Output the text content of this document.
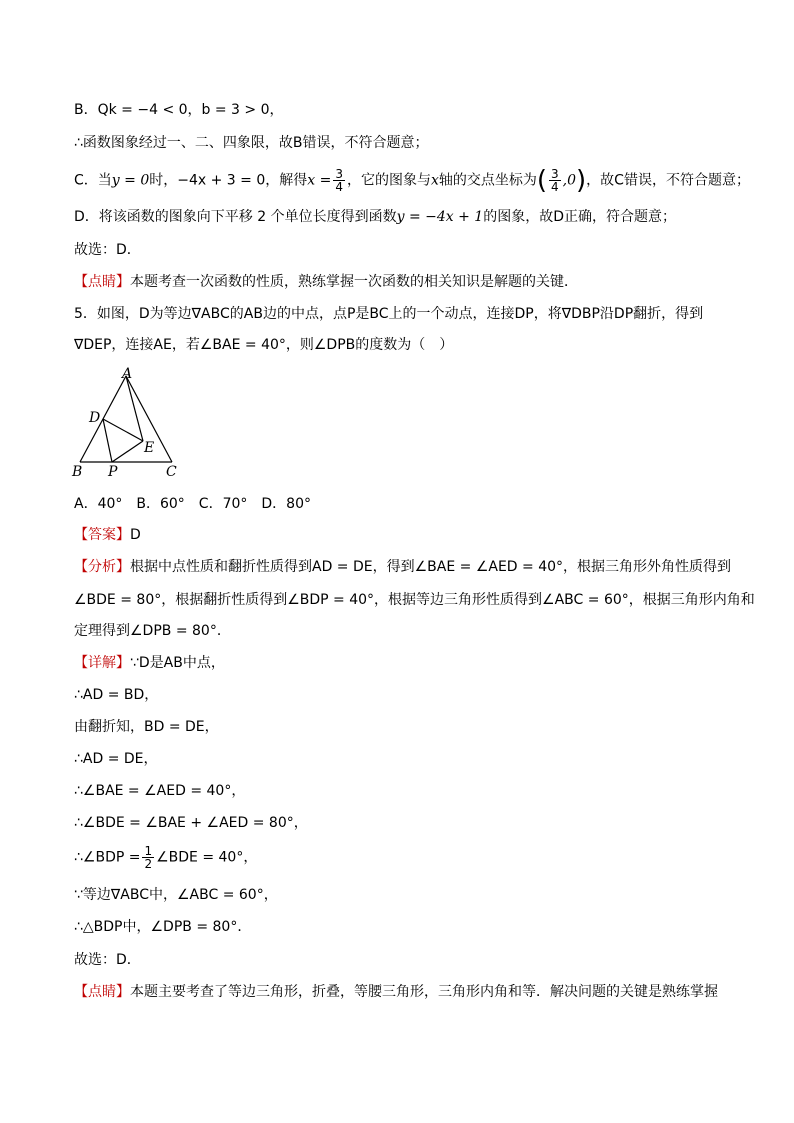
B．Qk = −4 < 0，b = 3 > 0，
∴函数图象经过一、二、四象限，故B错误，不符合题意；
C．当y = 0时，−4x + 3 = 0，解得$x = \frac{3}{4}$ ，它的图象与x轴的交点坐标为( $\frac{3}{4} ,0$)，故C错误，不符合题意；
D．将该函数的图象向下平移 2 个单位长度得到函数y = −4x + 1的图象，故D正确，符合题意；
故选：D．
【点睛】本题考查一次函数的性质，熟练掌握一次函数的相关知识是解题的关键．
5．如图，D为等边∇ABC的AB边的中点，点P是BC上的一个动点，连接DP，将∇DBP沿DP翻折，得到
∇DEP，连接AE，若∠BAE = 40°，则∠DPB的度数为（　）
A
B	C
D
E
P
A．40°　B．60°　C．70°　D．80°
【答案】D
【分析】根据中点性质和翻折性质得到AD = DE，得到∠BAE = ∠AED = 40°，根据三角形外角性质得到
∠BDE = 80°，根据翻折性质得到∠BDP = 40°，根据等边三角形性质得到∠ABC = 60°，根据三角形内角和
定理得到∠DPB = 80°．
【详解】∵D是AB中点，
∴AD = BD，
由翻折知，BD = DE，
∴AD = DE，
∴∠BAE = ∠AED = 40°，
∴∠BDE = ∠BAE + ∠AED = 80°，
∴∠BDP = $\frac{1}{2}$ ∠BDE = 40°，
∵等边∇ABC中，∠ABC = 60°，
∴△BDP中，∠DPB = 80°．
故选：D．
【点睛】本题主要考查了等边三角形，折叠，等腰三角形，三角形内角和等．解决问题的关键是熟练掌握
